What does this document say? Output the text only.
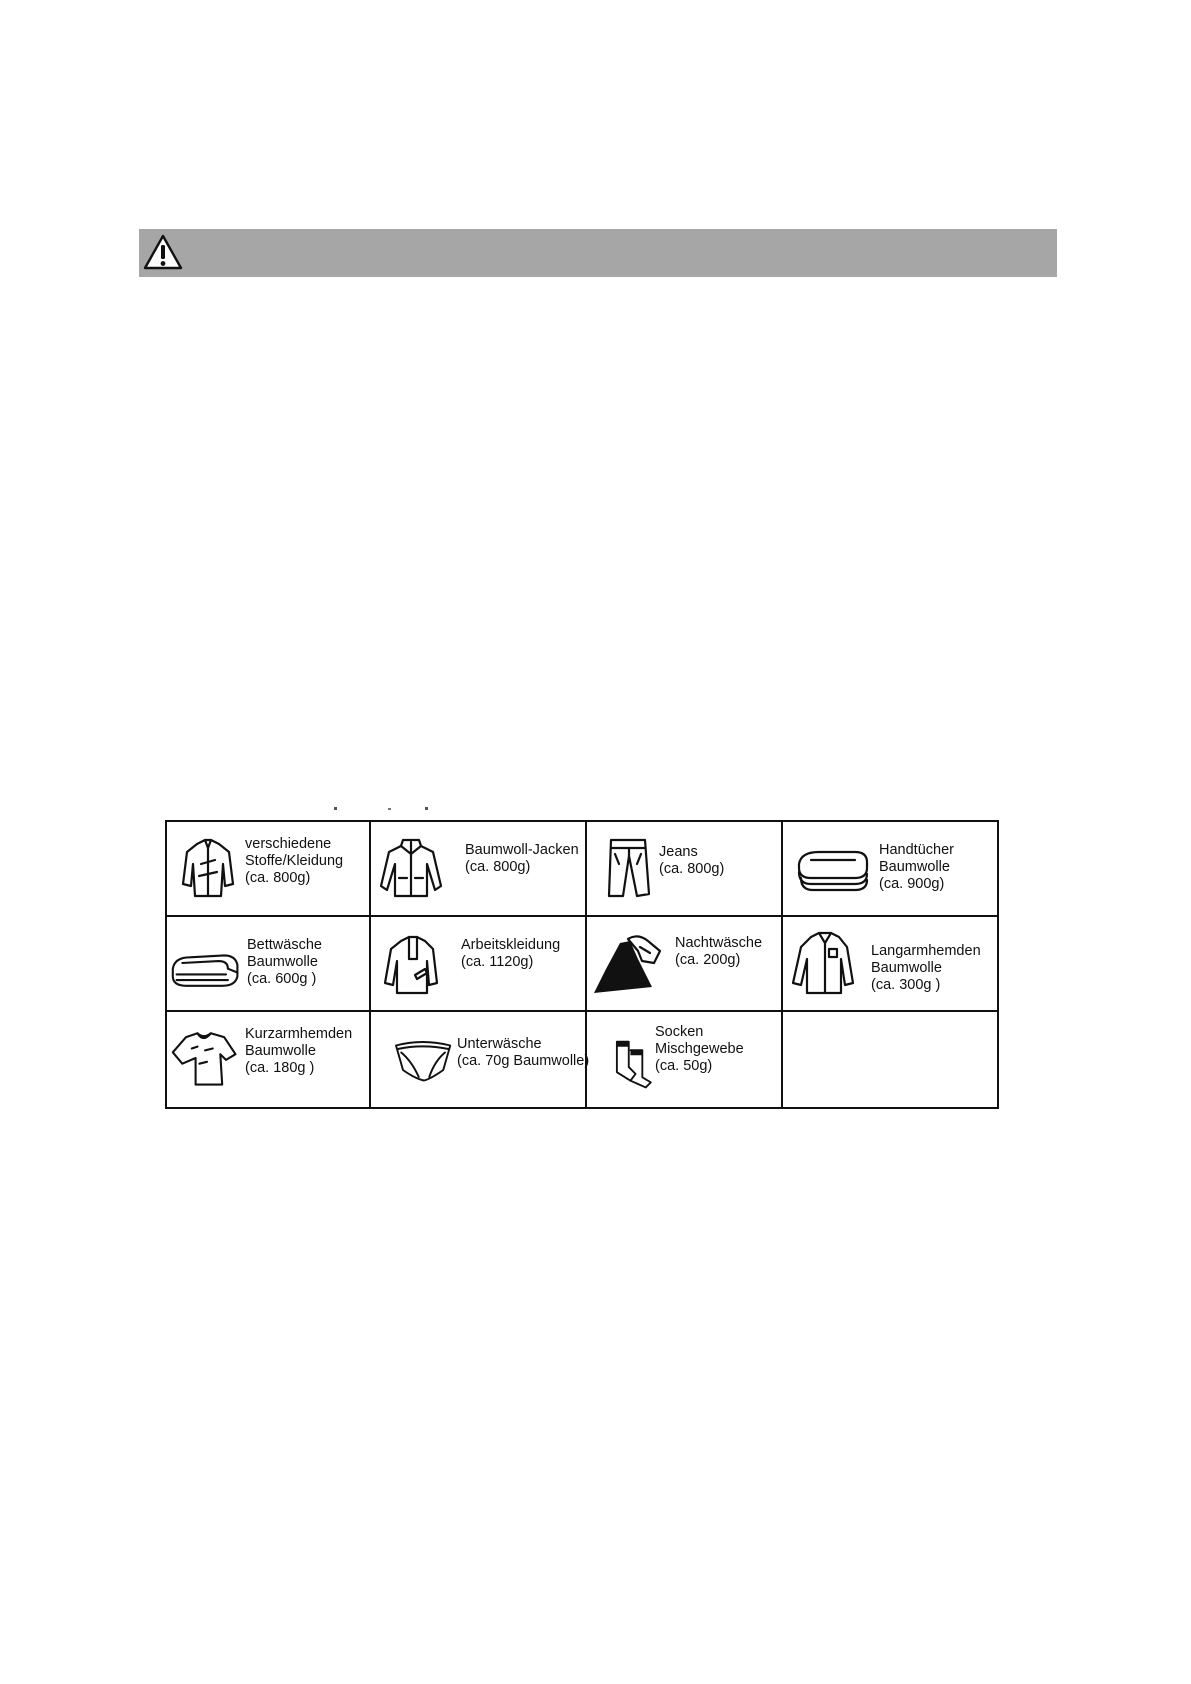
verschiedene
Stoffe/Kleidung
(ca. 800g)
Baumwoll-Jacken
(ca. 800g)
Jeans
(ca. 800g)
Handtücher
Baumwolle
(ca. 900g)
Bettwäsche
Baumwolle
(ca. 600g )
Arbeitskleidung
(ca. 1120g)
Nachtwäsche
(ca. 200g)
Langarmhemden
Baumwolle
(ca. 300g )
Kurzarmhemden
Baumwolle
(ca. 180g )
Unterwäsche
(ca. 70g Baumwolle)
Socken
Mischgewebe
(ca. 50g)
